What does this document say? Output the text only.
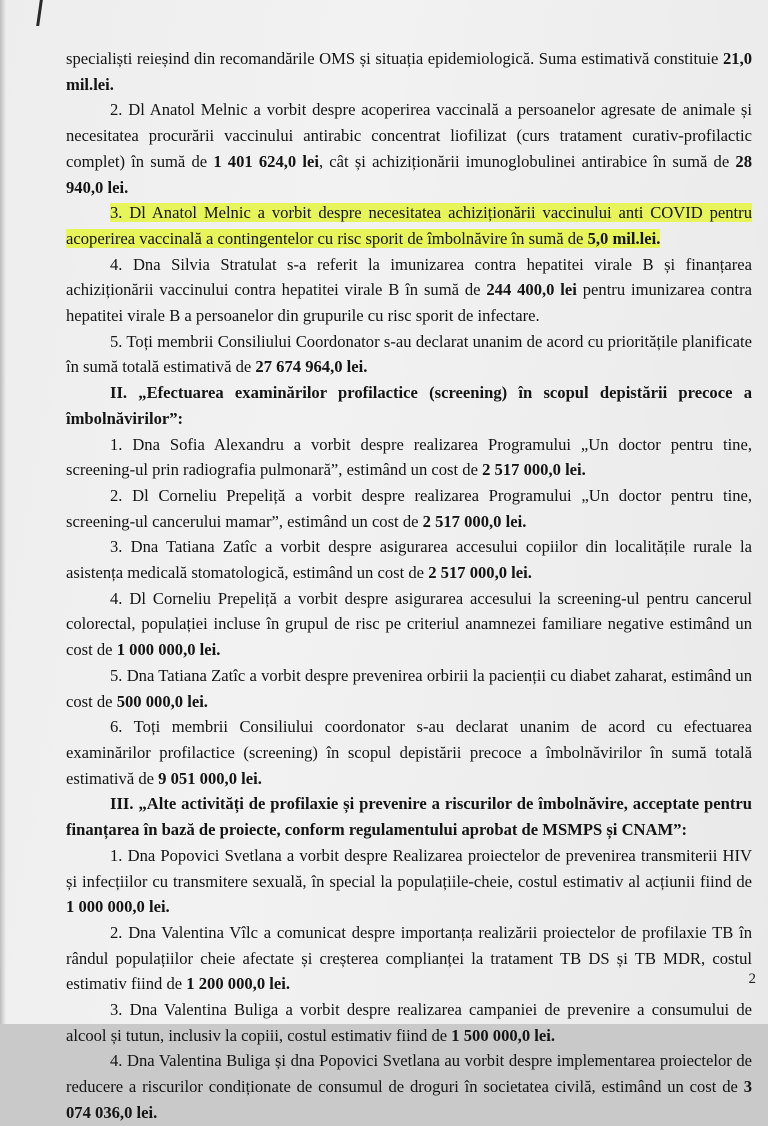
specialiști reieșind din recomandările OMS și situația epidemiologică. Suma estimativă constituie 21,0 mil.lei.

2. Dl Anatol Melnic a vorbit despre acoperirea vaccinală a persoanelor agresate de animale și necesitatea procurării vaccinului antirabic concentrat liofilizat (curs tratament curativ-profilactic complet) în sumă de 1 401 624,0 lei, cât și achiziționării imunoglobulinei antirabice în sumă de 28 940,0 lei.

3. Dl Anatol Melnic a vorbit despre necesitatea achiziționării vaccinului anti COVID pentru acoperirea vaccinală a contingentelor cu risc sporit de îmbolnăvire în sumă de 5,0 mil.lei.

4. Dna Silvia Stratulat s-a referit la imunizarea contra hepatitei virale B și finanțarea achiziționării vaccinului contra hepatitei virale B în sumă de 244 400,0 lei pentru imunizarea contra hepatitei virale B a persoanelor din grupurile cu risc sporit de infectare.

5. Toți membrii Consiliului Coordonator s-au declarat unanim de acord cu prioritățile planificate în sumă totală estimativă de 27 674 964,0 lei.

II. „Efectuarea examinărilor profilactice (screening) în scopul depistării precoce a îmbolnăvirilor”:

1. Dna Sofia Alexandru a vorbit despre realizarea Programului „Un doctor pentru tine, screening-ul prin radiografia pulmonară”, estimând un cost de 2 517 000,0 lei.

2. Dl Corneliu Prepeliță a vorbit despre realizarea Programului „Un doctor pentru tine, screening-ul cancerului mamar”, estimând un cost de 2 517 000,0 lei.

3. Dna Tatiana Zatîc a vorbit despre asigurarea accesului copiilor din localitățile rurale la asistența medicală stomatologică, estimând un cost de 2 517 000,0 lei.

4. Dl Corneliu Prepeliță a vorbit despre asigurarea accesului la screening-ul pentru cancerul colorectal, populației incluse în grupul de risc pe criteriul anamnezei familiare negative estimând un cost de 1 000 000,0 lei.

5. Dna Tatiana Zatîc a vorbit despre prevenirea orbirii la pacienții cu diabet zaharat, estimând un cost de 500 000,0 lei.

6. Toți membrii Consiliului coordonator s-au declarat unanim de acord cu efectuarea examinărilor profilactice (screening) în scopul depistării precoce a îmbolnăvirilor în sumă totală estimativă de 9 051 000,0 lei.

III. „Alte activități de profilaxie și prevenire a riscurilor de îmbolnăvire, acceptate pentru finanțarea în bază de proiecte, conform regulamentului aprobat de MSMPS și CNAM”:

1. Dna Popovici Svetlana a vorbit despre Realizarea proiectelor de prevenirea transmiterii HIV și infecțiilor cu transmitere sexuală, în special la populațiile-cheie, costul estimativ al acțiunii fiind de 1 000 000,0 lei.

2. Dna Valentina Vîlc a comunicat despre importanța realizării proiectelor de profilaxie TB în rândul populațiilor cheie afectate și creșterea complianței la tratament TB DS și TB MDR, costul estimativ fiind de 1 200 000,0 lei.

3. Dna Valentina Buliga a vorbit despre realizarea campaniei de prevenire a consumului de alcool și tutun, inclusiv la copiii, costul estimativ fiind de 1 500 000,0 lei.

4. Dna Valentina Buliga și dna Popovici Svetlana au vorbit despre implementarea proiectelor de reducere a riscurilor condiționate de consumul de droguri în societatea civilă, estimând un cost de 3 074 036,0 lei.

2
